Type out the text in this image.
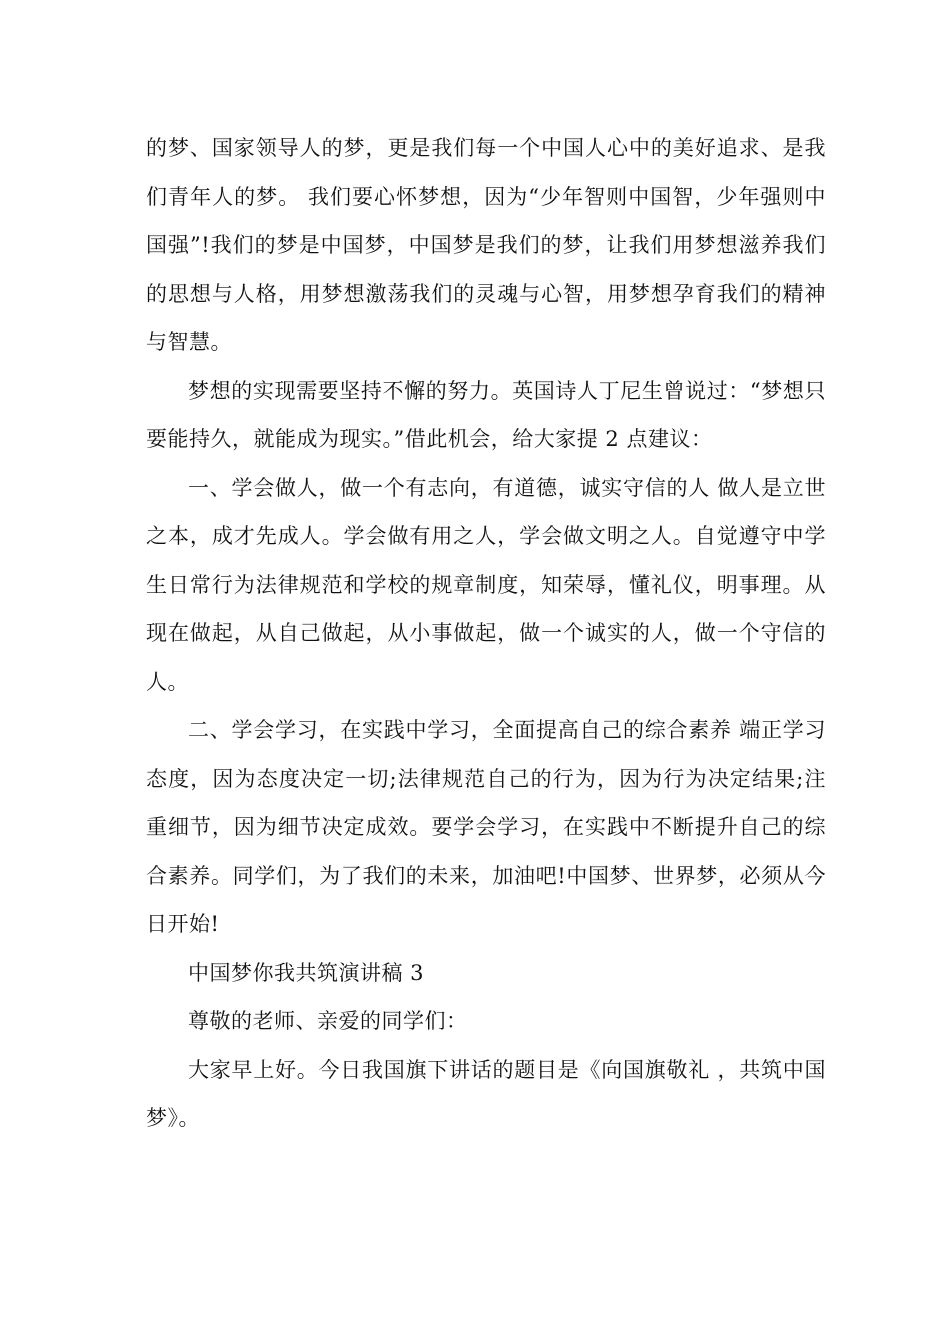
的梦、国家领导人的梦，更是我们每一个中国人心中的美好追求、是我们青年人的梦。 我们要心怀梦想，因为“少年智则中国智，少年强则中国强”!我们的梦是中国梦，中国梦是我们的梦，让我们用梦想滋养我们的思想与人格，用梦想激荡我们的灵魂与心智，用梦想孕育我们的精神与智慧。

梦想的实现需要坚持不懈的努力。英国诗人丁尼生曾说过：“梦想只要能持久，就能成为现实。”借此机会，给大家提 2 点建议：

一、学会做人，做一个有志向，有道德，诚实守信的人 做人是立世之本，成才先成人。学会做有用之人，学会做文明之人。自觉遵守中学生日常行为法律规范和学校的规章制度，知荣辱，懂礼仪，明事理。从现在做起，从自己做起，从小事做起，做一个诚实的人，做一个守信的人。

二、学会学习，在实践中学习，全面提高自己的综合素养 端正学习态度，因为态度决定一切;法律规范自己的行为，因为行为决定结果;注重细节，因为细节决定成效。要学会学习，在实践中不断提升自己的综合素养。同学们，为了我们的未来，加油吧!中国梦、世界梦，必须从今日开始!

中国梦你我共筑演讲稿 3

尊敬的老师、亲爱的同学们：

大家早上好。今日我国旗下讲话的题目是《向国旗敬礼 ，共筑中国梦》。
